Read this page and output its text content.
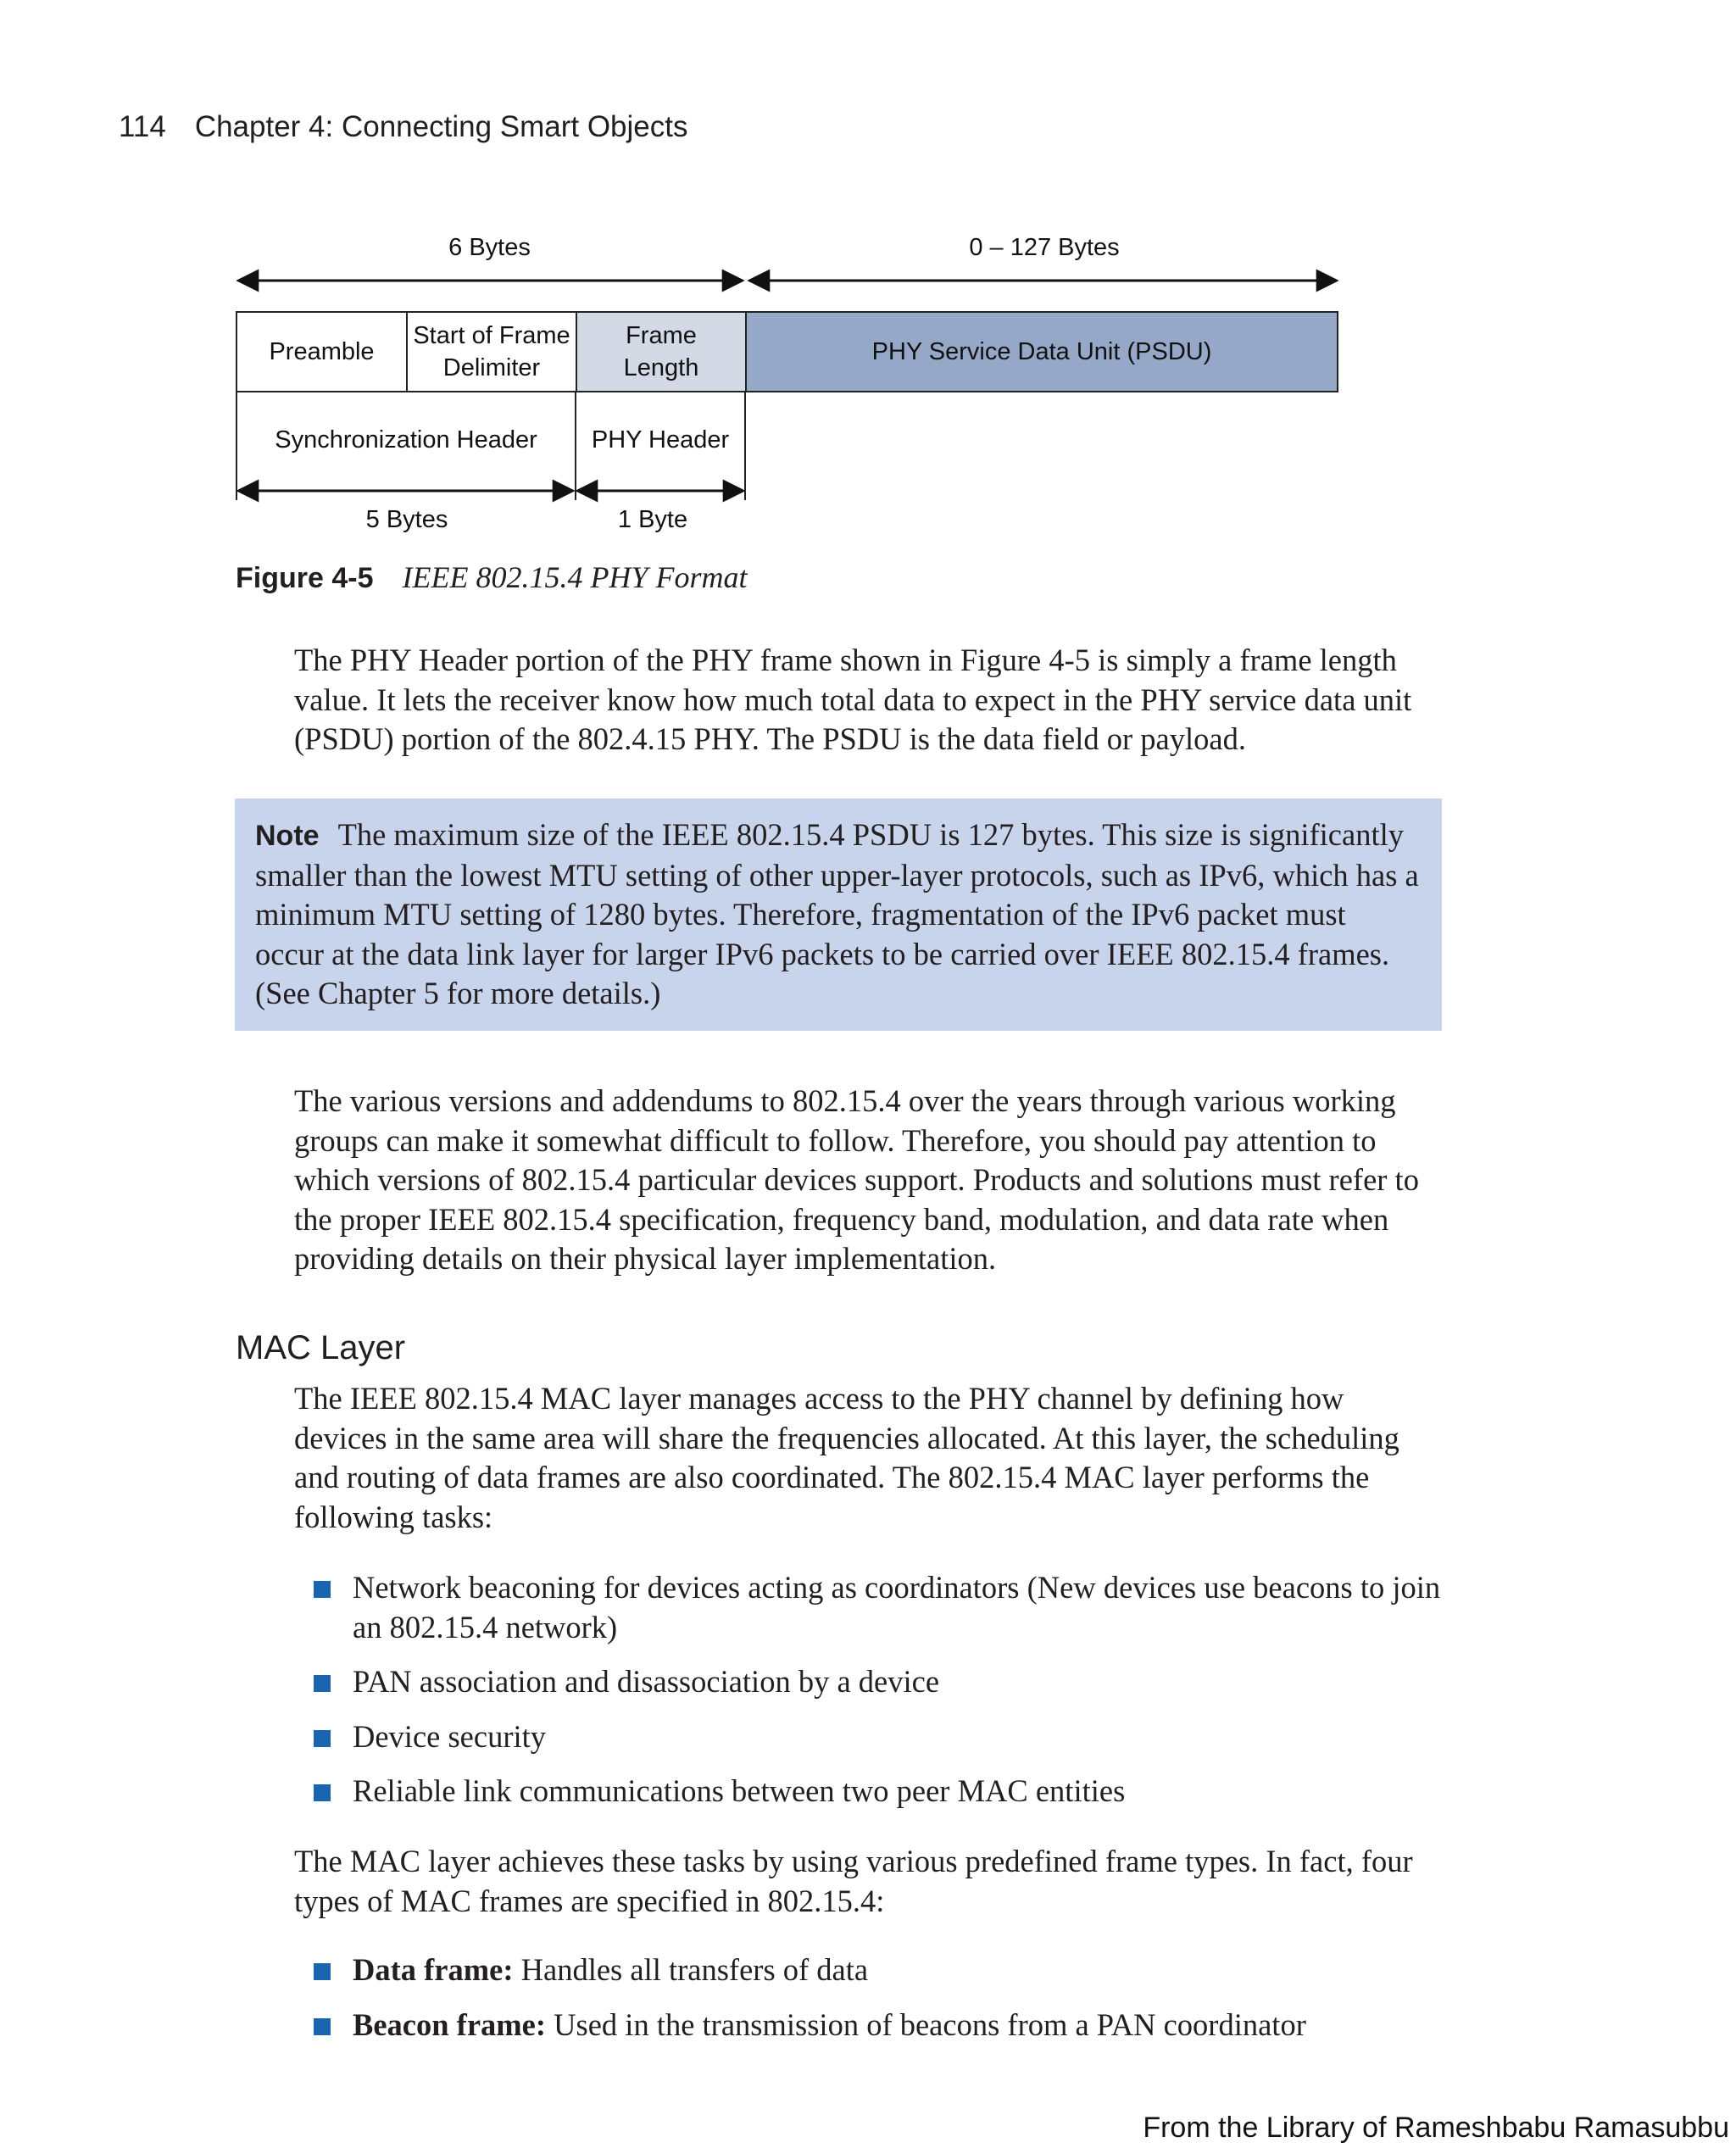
114 Chapter 4: Connecting Smart Objects
6 Bytes	0 – 127 Bytes
Preamble
Start of Frame
Delimiter
Frame
Length
PHY Service Data Unit (PSDU)
Synchronization Header	PHY Header
5 Bytes	1 Byte
Figure 4-5 IEEE 802.15.4 PHY Format

The PHY Header portion of the PHY frame shown in Figure 4-5 is simply a frame length value. It lets the receiver know how much total data to expect in the PHY service data unit (PSDU) portion of the 802.4.15 PHY. The PSDU is the data field or payload.

Note The maximum size of the IEEE 802.15.4 PSDU is 127 bytes. This size is significantly smaller than the lowest MTU setting of other upper-layer protocols, such as IPv6, which has a minimum MTU setting of 1280 bytes. Therefore, fragmentation of the IPv6 packet must occur at the data link layer for larger IPv6 packets to be carried over IEEE 802.15.4 frames. (See Chapter 5 for more details.)

The various versions and addendums to 802.15.4 over the years through various working groups can make it somewhat difficult to follow. Therefore, you should pay attention to which versions of 802.15.4 particular devices support. Products and solutions must refer to the proper IEEE 802.15.4 specification, frequency band, modulation, and data rate when providing details on their physical layer implementation.

MAC Layer

The IEEE 802.15.4 MAC layer manages access to the PHY channel by defining how devices in the same area will share the frequencies allocated. At this layer, the scheduling and routing of data frames are also coordinated. The 802.15.4 MAC layer performs the following tasks:

Network beaconing for devices acting as coordinators (New devices use beacons to join an 802.15.4 network)
PAN association and disassociation by a device
Device security
Reliable link communications between two peer MAC entities

The MAC layer achieves these tasks by using various predefined frame types. In fact, four types of MAC frames are specified in 802.15.4:

Data frame: Handles all transfers of data
Beacon frame: Used in the transmission of beacons from a PAN coordinator
From the Library of Rameshbabu Ramasubbu
